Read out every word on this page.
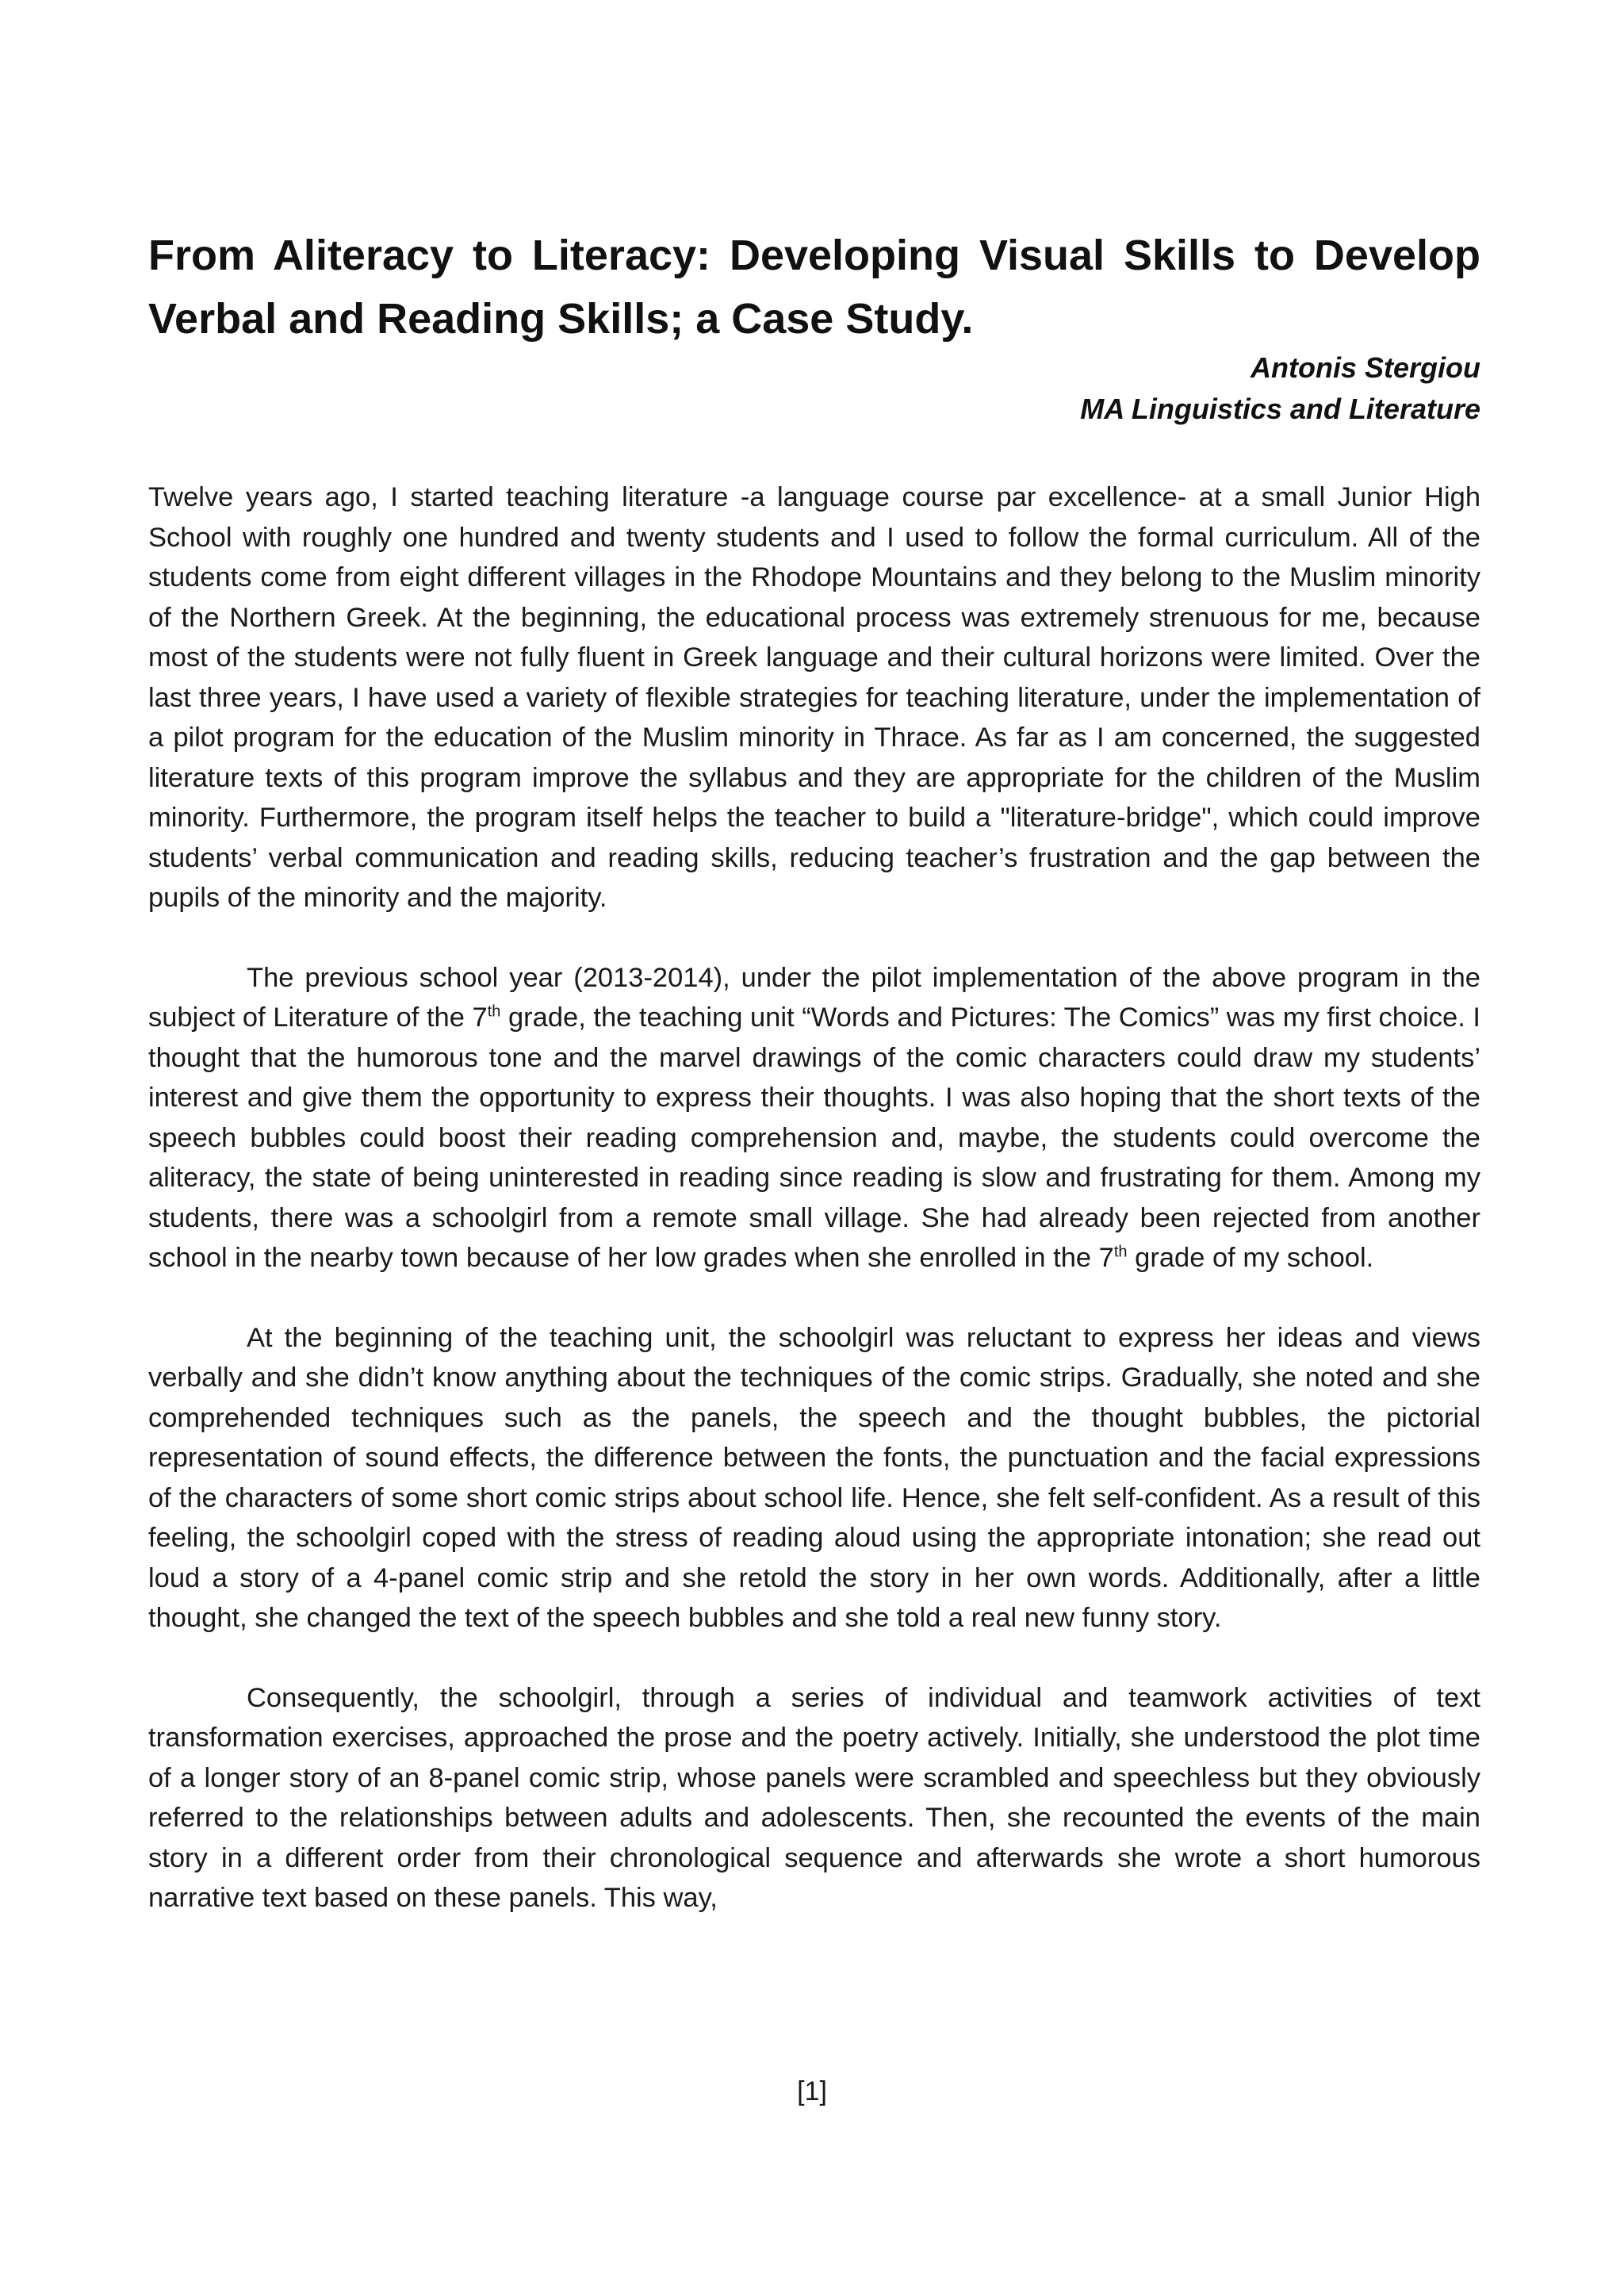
From Aliteracy to Literacy: Developing Visual Skills to Develop Verbal and Reading Skills; a Case Study.
Antonis Stergiou
MA Linguistics and Literature

Twelve years ago, I started teaching literature -a language course par excellence- at a small Junior High School with roughly one hundred and twenty students and I used to follow the formal curriculum. All of the students come from eight different villages in the Rhodope Mountains and they belong to the Muslim minority of the Northern Greek. At the beginning, the educational process was extremely strenuous for me, because most of the students were not fully fluent in Greek language and their cultural horizons were limited. Over the last three years, I have used a variety of flexible strategies for teaching literature, under the implementation of a pilot program for the education of the Muslim minority in Thrace. As far as I am concerned, the suggested literature texts of this program improve the syllabus and they are appropriate for the children of the Muslim minority. Furthermore, the program itself helps the teacher to build a "literature-bridge", which could improve students’ verbal communication and reading skills, reducing teacher’s frustration and the gap between the pupils of the minority and the majority.

The previous school year (2013-2014), under the pilot implementation of the above program in the subject of Literature of the 7th grade, the teaching unit “Words and Pictures: The Comics” was my first choice. I thought that the humorous tone and the marvel drawings of the comic characters could draw my students’ interest and give them the opportunity to express their thoughts. I was also hoping that the short texts of the speech bubbles could boost their reading comprehension and, maybe, the students could overcome the aliteracy, the state of being uninterested in reading since reading is slow and frustrating for them. Among my students, there was a schoolgirl from a remote small village. She had already been rejected from another school in the nearby town because of her low grades when she enrolled in the 7th grade of my school.

At the beginning of the teaching unit, the schoolgirl was reluctant to express her ideas and views verbally and she didn’t know anything about the techniques of the comic strips. Gradually, she noted and she comprehended techniques such as the panels, the speech and the thought bubbles, the pictorial representation of sound effects, the difference between the fonts, the punctuation and the facial expressions of the characters of some short comic strips about school life. Hence, she felt self-confident. As a result of this feeling, the schoolgirl coped with the stress of reading aloud using the appropriate intonation; she read out loud a story of a 4-panel comic strip and she retold the story in her own words. Additionally, after a little thought, she changed the text of the speech bubbles and she told a real new funny story.

Consequently, the schoolgirl, through a series of individual and teamwork activities of text transformation exercises, approached the prose and the poetry actively. Initially, she understood the plot time of a longer story of an 8-panel comic strip, whose panels were scrambled and speechless but they obviously referred to the relationships between adults and adolescents. Then, she recounted the events of the main story in a different order from their chronological sequence and afterwards she wrote a short humorous narrative text based on these panels. This way,

[1]
